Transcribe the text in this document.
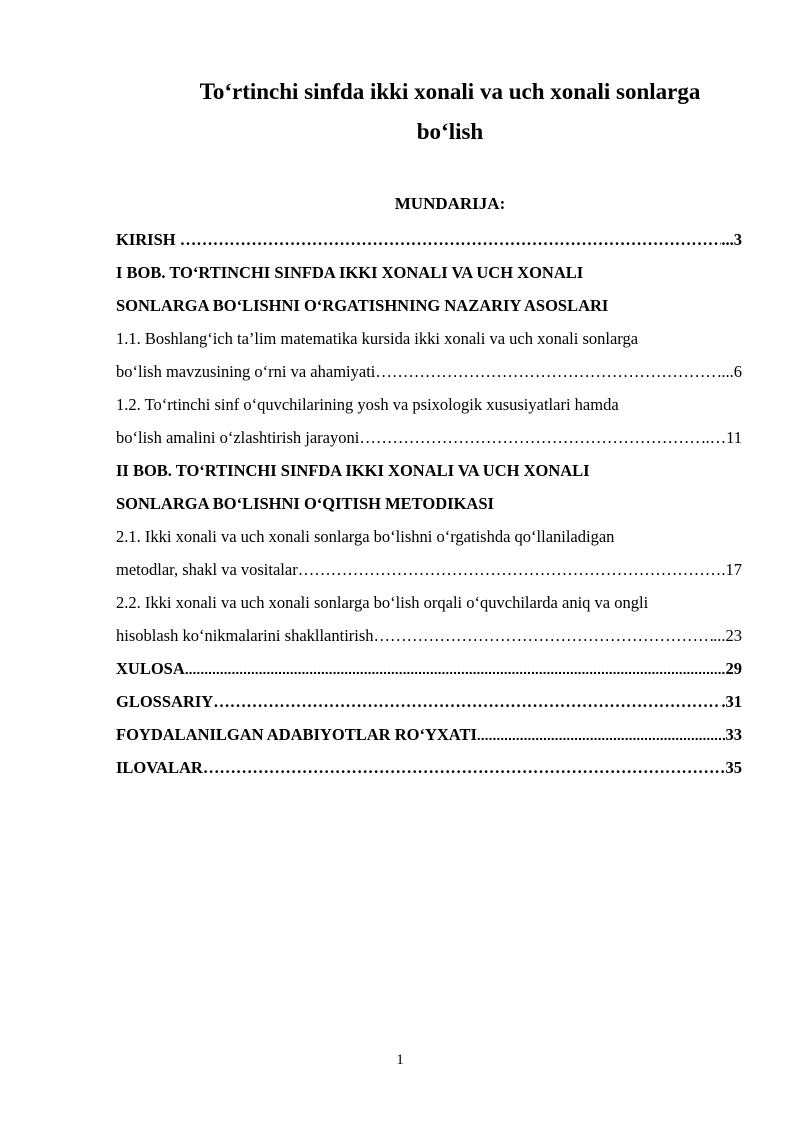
To‘rtinchi sinfda ikki xonali va uch xonali sonlarga
bo‘lish
MUNDARIJA:
KIRISH ……………………………………………………………………………………………………………………………………………………………………………………………………	... 3
I BOB. TO‘RTINCHI SINFDA IKKI XONALI VA UCH XONALI
SONLARGA BO‘LISHNI O‘RGATISHNING NAZARIY ASOSLARI
1.1. Boshlang‘ich ta’lim matematika kursida ikki xonali va uch xonali sonlarga
bo‘lish mavzusining o‘rni va ahamiyati ……………………………………………………………………………………………………………………………………………………………………………………………………	.... 6
1.2. To‘rtinchi sinf o‘quvchilarining yosh va psixologik xususiyatlari hamda
bo‘lish amalini o‘zlashtirish jarayoni ……………………………………………………………………………………………………………………………………………………………………………………………………	..… 11
II BOB. TO‘RTINCHI SINFDA IKKI XONALI VA UCH XONALI
SONLARGA BO‘LISHNI O‘QITISH METODIKASI
2.1. Ikki xonali va uch xonali sonlarga bo‘lishni o‘rgatishda qo‘llaniladigan
metodlar, shakl va vositalar ……………………………………………………………………………………………………………………………………………………………………………………………………	. 17
2.2. Ikki xonali va uch xonali sonlarga bo‘lish orqali o‘quvchilarda aniq va ongli
hisoblash ko‘nikmalarini shakllantirish ……………………………………………………………………………………………………………………………………………………………………………………………………	... 23
XULOSA .....	29
GLOSSARIY ……………………………………………………………………………………………………………………………………………………………………………………………………	. 31
FOYDALANILGAN ADABIYOTLAR RO‘YXATI .....	33
ILOVALAR ……………………………………………………………………………………………………………………………………………………………………………………………………	35
1
